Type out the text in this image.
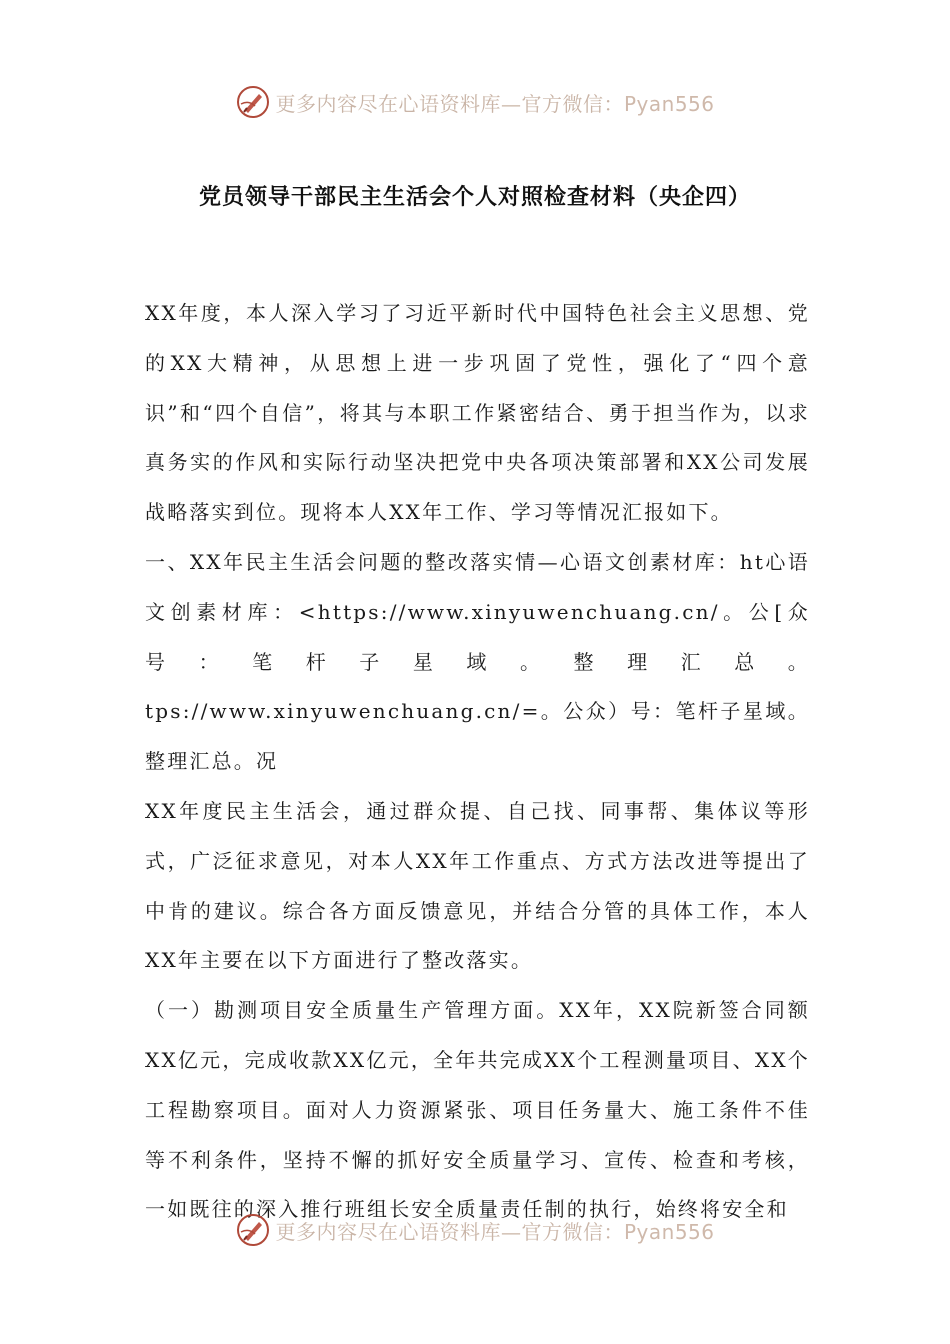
更多内容尽在心语资料库—官方微信：Pyan556
党员领导干部民主生活会个人对照检查材料（央企四）

XX年度，本人深入学习了习近平新时代中国特色社会主义思想、党的XX大精神，从思想上进一步巩固了党性，强化了“四个意识”和“四个自信”，将其与本职工作紧密结合、勇于担当作为，以求真务实的作风和实际行动坚决把党中央各项决策部署和XX公司发展战略落实到位。现将本人XX年工作、学习等情况汇报如下。

一、XX年民主生活会问题的整改落实情—心语文创素材库：ht心语文创素材库：<https://www.xinyuwenchuang.cn/。公[众号：笔杆子星域。整理汇总。tps://www.xinyuwenchuang.cn/=。公众）号：笔杆子星域。整理汇总。况

XX年度民主生活会，通过群众提、自己找、同事帮、集体议等形式，广泛征求意见，对本人XX年工作重点、方式方法改进等提出了中肯的建议。综合各方面反馈意见，并结合分管的具体工作，本人XX年主要在以下方面进行了整改落实。

（一）勘测项目安全质量生产管理方面。XX年，XX院新签合同额XX亿元，完成收款XX亿元，全年共完成XX个工程测量项目、XX个工程勘察项目。面对人力资源紧张、项目任务量大、施工条件不佳等不利条件，坚持不懈的抓好安全质量学习、宣传、检查和考核，一如既往的深入推行班组长安全质量责任制的执行，始终将安全和

更多内容尽在心语资料库—官方微信：Pyan556
